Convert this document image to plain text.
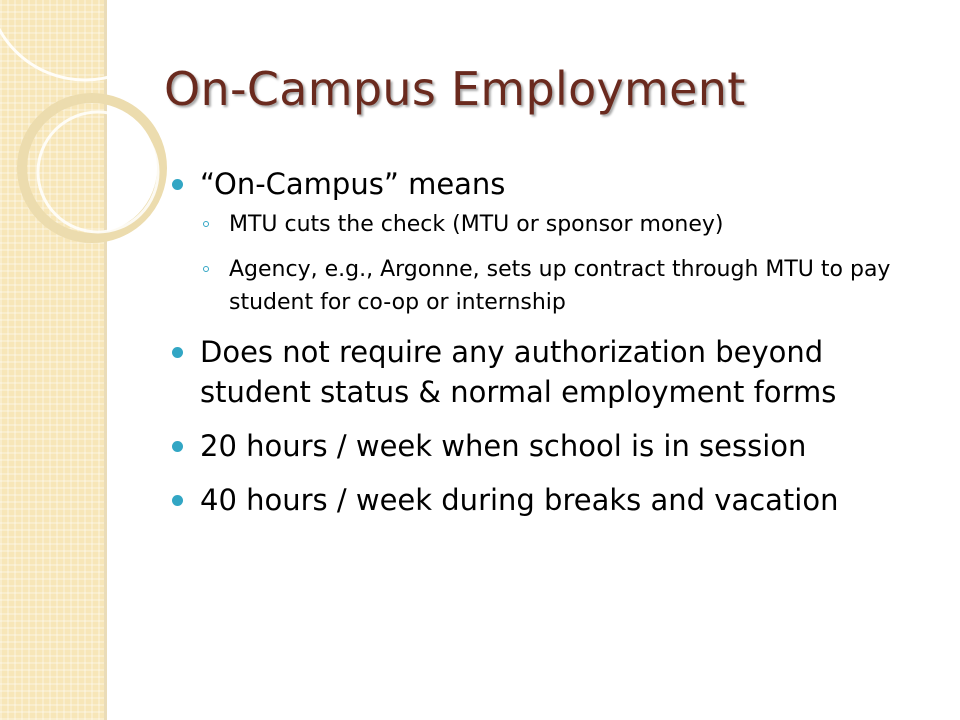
On-Campus Employment
“On-Campus” means
MTU cuts the check (MTU or sponsor money)
Agency, e.g., Argonne, sets up contract through MTU to pay student for co-op or internship
Does not require any authorization beyond student status & normal employment forms
20 hours / week when school is in session
40 hours / week during breaks and vacation
